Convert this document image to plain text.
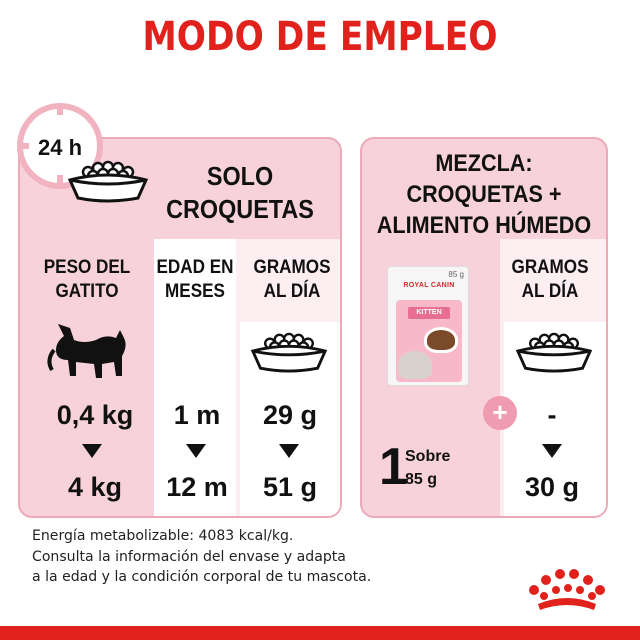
MODO DE EMPLEO
24 h
SOLO
CROQUETAS
PESO DEL
GATITO
EDAD EN
MESES
GRAMOS
AL DÍA
0,4 kg
4 kg
1 m
12 m
29 g
51 g
MEZCLA:
CROQUETAS +
ALIMENTO HÚMEDO
GRAMOS
AL DÍA
85 g
ROYAL CANIN
KITTEN
+
1
Sobre
85 g
-
30 g
Energía metabolizable: 4083 kcal/kg.
Consulta la información del envase y adapta
a la edad y la condición corporal de tu mascota.
